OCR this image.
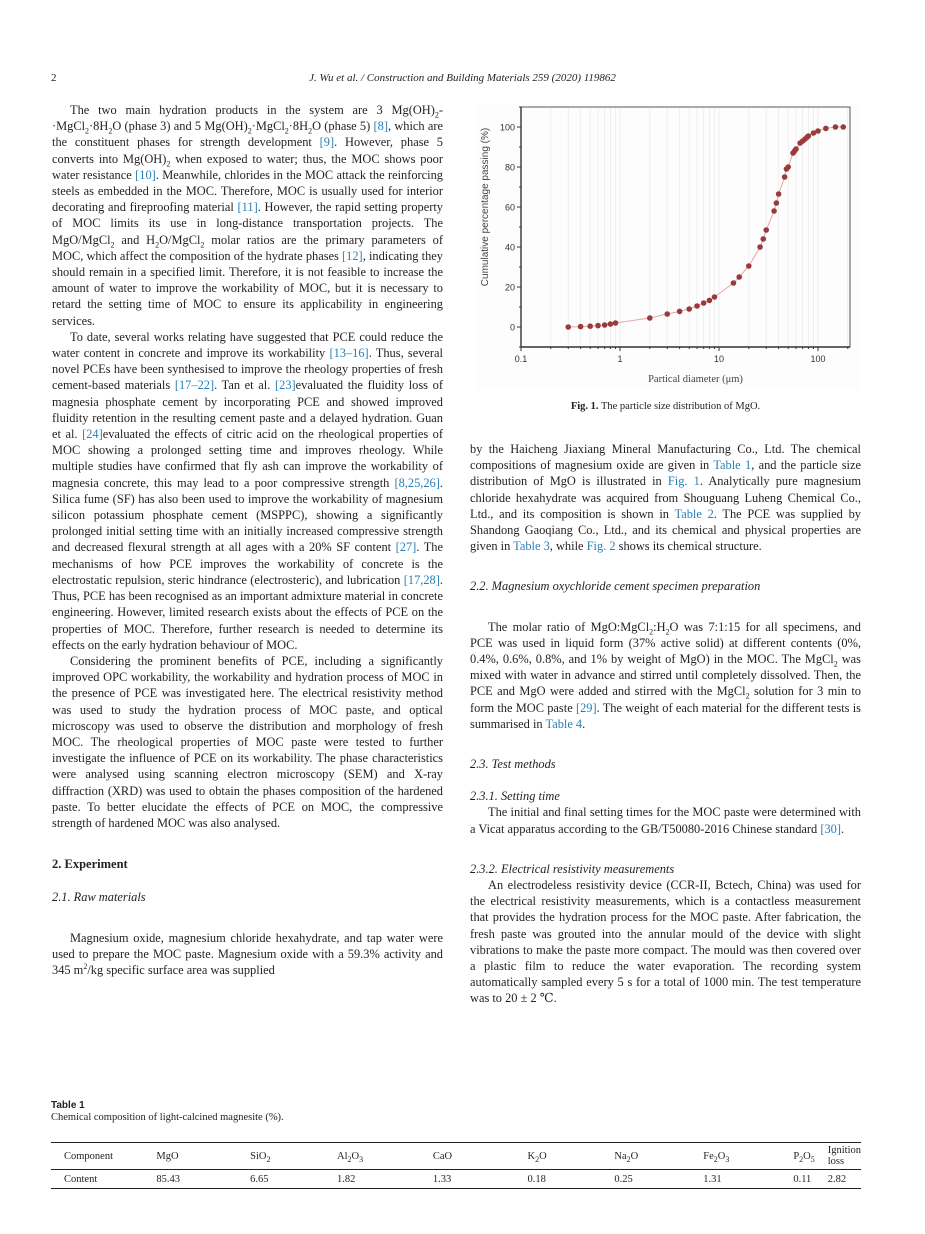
2	J. Wu et al. / Construction and Building Materials 259 (2020) 119862

The two main hydration products in the system are 3 $Mg(OH)_2-\cdot MgCl_2\cdot 8H_2O$ (phase 3) and 5 $Mg(OH)_2\cdot MgCl_2\cdot 8H_2O$ (phase 5) [8], which are the constituent phases for strength development [9]. However, phase 5 converts into $Mg(OH)_2$ when exposed to water; thus, the MOC shows poor water resistance [10]. Meanwhile, chlorides in the MOC attack the reinforcing steels as embedded in the MOC. Therefore, MOC is usually used for interior decorating and fireproofing material [11]. However, the rapid setting property of MOC limits its use in long-distance transportation projects. The MgO/MgCl$_2$ and $H_2O/MgCl_2$ molar ratios are the primary parameters of MOC, which affect the composition of the hydrate phases [12], indicating they should remain in a specified limit. Therefore, it is not feasible to increase the amount of water to improve the workability of MOC, but it is necessary to retard the setting time of MOC to ensure its applicability in engineering services.

To date, several works relating have suggested that PCE could reduce the water content in concrete and improve its workability [13–16]. Thus, several novel PCEs have been synthesised to improve the rheology properties of fresh cement-based materials [17–22]. Tan et al. [23]evaluated the fluidity loss of magnesia phosphate cement by incorporating PCE and showed improved fluidity retention in the resulting cement paste and a delayed hydration. Guan et al. [24]evaluated the effects of citric acid on the rheological properties of MOC showing a prolonged setting time and improves rheology. While multiple studies have confirmed that fly ash can improve the workability of magnesia concrete, this may lead to a poor compressive strength [8,25,26]. Silica fume (SF) has also been used to improve the workability of magnesium silicon potassium phosphate cement (MSPPC), showing a significantly prolonged initial setting time with an initially increased compressive strength and decreased flexural strength at all ages with a 20% SF content [27]. The mechanisms of how PCE improves the workability of concrete is the electrostatic repulsion, steric hindrance (electrosteric), and lubrication [17,28]. Thus, PCE has been recognised as an important admixture material in concrete engineering. However, limited research exists about the effects of PCE on the properties of MOC. Therefore, further research is needed to determine its effects on the early hydration behaviour of MOC.

Considering the prominent benefits of PCE, including a significantly improved OPC workability, the workability and hydration process of MOC in the presence of PCE was investigated here. The electrical resistivity method was used to study the hydration process of MOC paste, and optical microscopy was used to observe the distribution and morphology of fresh MOC. The rheological properties of MOC paste were tested to further investigate the influence of PCE on its workability. The phase characteristics were analysed using scanning electron microscopy (SEM) and X-ray diffraction (XRD) was used to obtain the phases composition of the hardened paste. To better elucidate the effects of PCE on MOC, the compressive strength of hardened MOC was also analysed.

2. Experiment
2.1. Raw materials

Magnesium oxide, magnesium chloride hexahydrate, and tap water were used to prepare the MOC paste. Magnesium oxide with a 59.3% activity and 345 $m^2/kg$ specific surface area was supplied

0
20
40
60
80
100
0.1	1	10	100
Partical diameter (μm)
Cumulative percentage passing (%)
Fig. 1. The particle size distribution of MgO.

by the Haicheng Jiaxiang Mineral Manufacturing Co., Ltd. The chemical compositions of magnesium oxide are given in Table 1, and the particle size distribution of MgO is illustrated in Fig. 1. Analytically pure magnesium chloride hexahydrate was acquired from Shouguang Luheng Chemical Co., Ltd., and its composition is shown in Table 2. The PCE was supplied by Shandong Gaoqiang Co., Ltd., and its chemical and physical properties are given in Table 3, while Fig. 2 shows its chemical structure.

2.2. Magnesium oxychloride cement specimen preparation

The molar ratio of $MgO:MgCl_2:H_2O$ was 7:1:15 for all specimens, and PCE was used in liquid form (37% active solid) at different contents (0%, 0.4%, 0.6%, 0.8%, and 1% by weight of MgO) in the MOC. The MgCl$_2$ was mixed with water in advance and stirred until completely dissolved. Then, the PCE and MgO were added and stirred with the MgCl$_2$ solution for 3 min to form the MOC paste [29]. The weight of each material for the different tests is summarised in Table 4.

2.3. Test methods
2.3.1. Setting time

The initial and final setting times for the MOC paste were determined with a Vicat apparatus according to the GB/T50080-2016 Chinese standard [30].

2.3.2. Electrical resistivity measurements

An electrodeless resistivity device (CCR-II, Bctech, China) was used for the electrical resistivity measurements, which is a contactless measurement that provides the hydration process for the MOC paste. After fabrication, the fresh paste was grouted into the annular mould of the device with slight vibrations to make the paste more compact. The mould was then covered over a plastic film to reduce the water evaporation. The recording system automatically sampled every 5 s for a total of 1000 min. The test temperature was to 20 ± 2 ℃.

Table 1
Chemical composition of light-calcined magnesite (%).
Component	MgO	SiO$_2$	$Al_2O_3$	CaO	$K_2O$	$Na_2O$	$Fe_2O_3$	$P_2O_5$	Ignition loss
Content	85.43	6.65	1.82	1.33	0.18	0.25	1.31	0.11	2.82
